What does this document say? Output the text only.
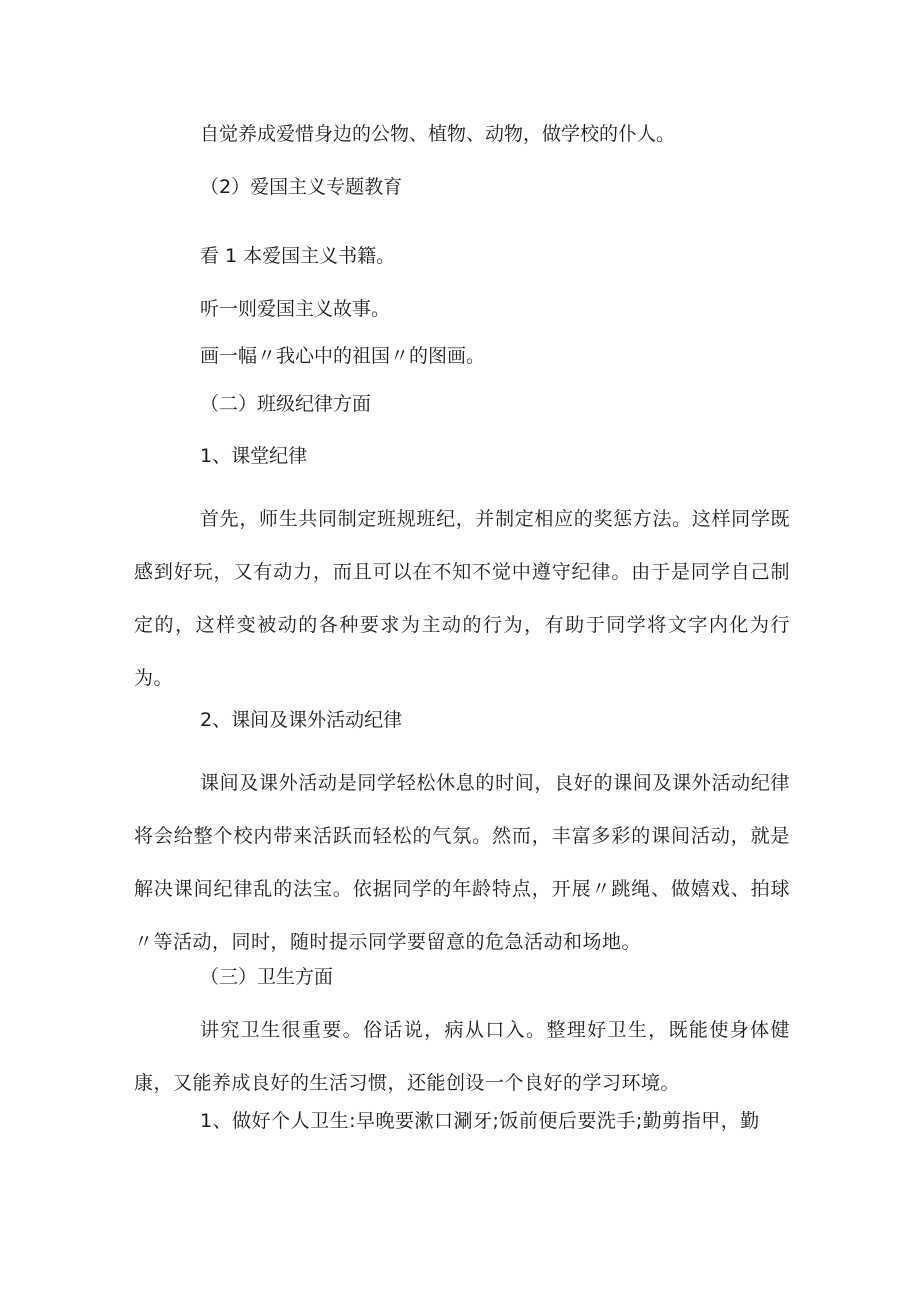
自觉养成爱惜身边的公物、植物、动物，做学校的仆人。
（2）爱国主义专题教育
看 1 本爱国主义书籍。
听一则爱国主义故事。
画一幅〃我心中的祖国〃的图画。
（二）班级纪律方面
1、课堂纪律
首先，师生共同制定班规班纪，并制定相应的奖惩方法。这样同学既感到好玩，又有动力，而且可以在不知不觉中遵守纪律。由于是同学自己制定的，这样变被动的各种要求为主动的行为，有助于同学将文字内化为行为。
2、课间及课外活动纪律
课间及课外活动是同学轻松休息的时间，良好的课间及课外活动纪律将会给整个校内带来活跃而轻松的气氛。然而，丰富多彩的课间活动，就是解决课间纪律乱的法宝。依据同学的年龄特点，开展〃跳绳、做嬉戏、拍球〃等活动，同时，随时提示同学要留意的危急活动和场地。
（三）卫生方面
讲究卫生很重要。俗话说，病从口入。整理好卫生，既能使身体健康，又能养成良好的生活习惯，还能创设一个良好的学习环境。
1、做好个人卫生:早晚要漱口涮牙;饭前便后要洗手;勤剪指甲，勤
